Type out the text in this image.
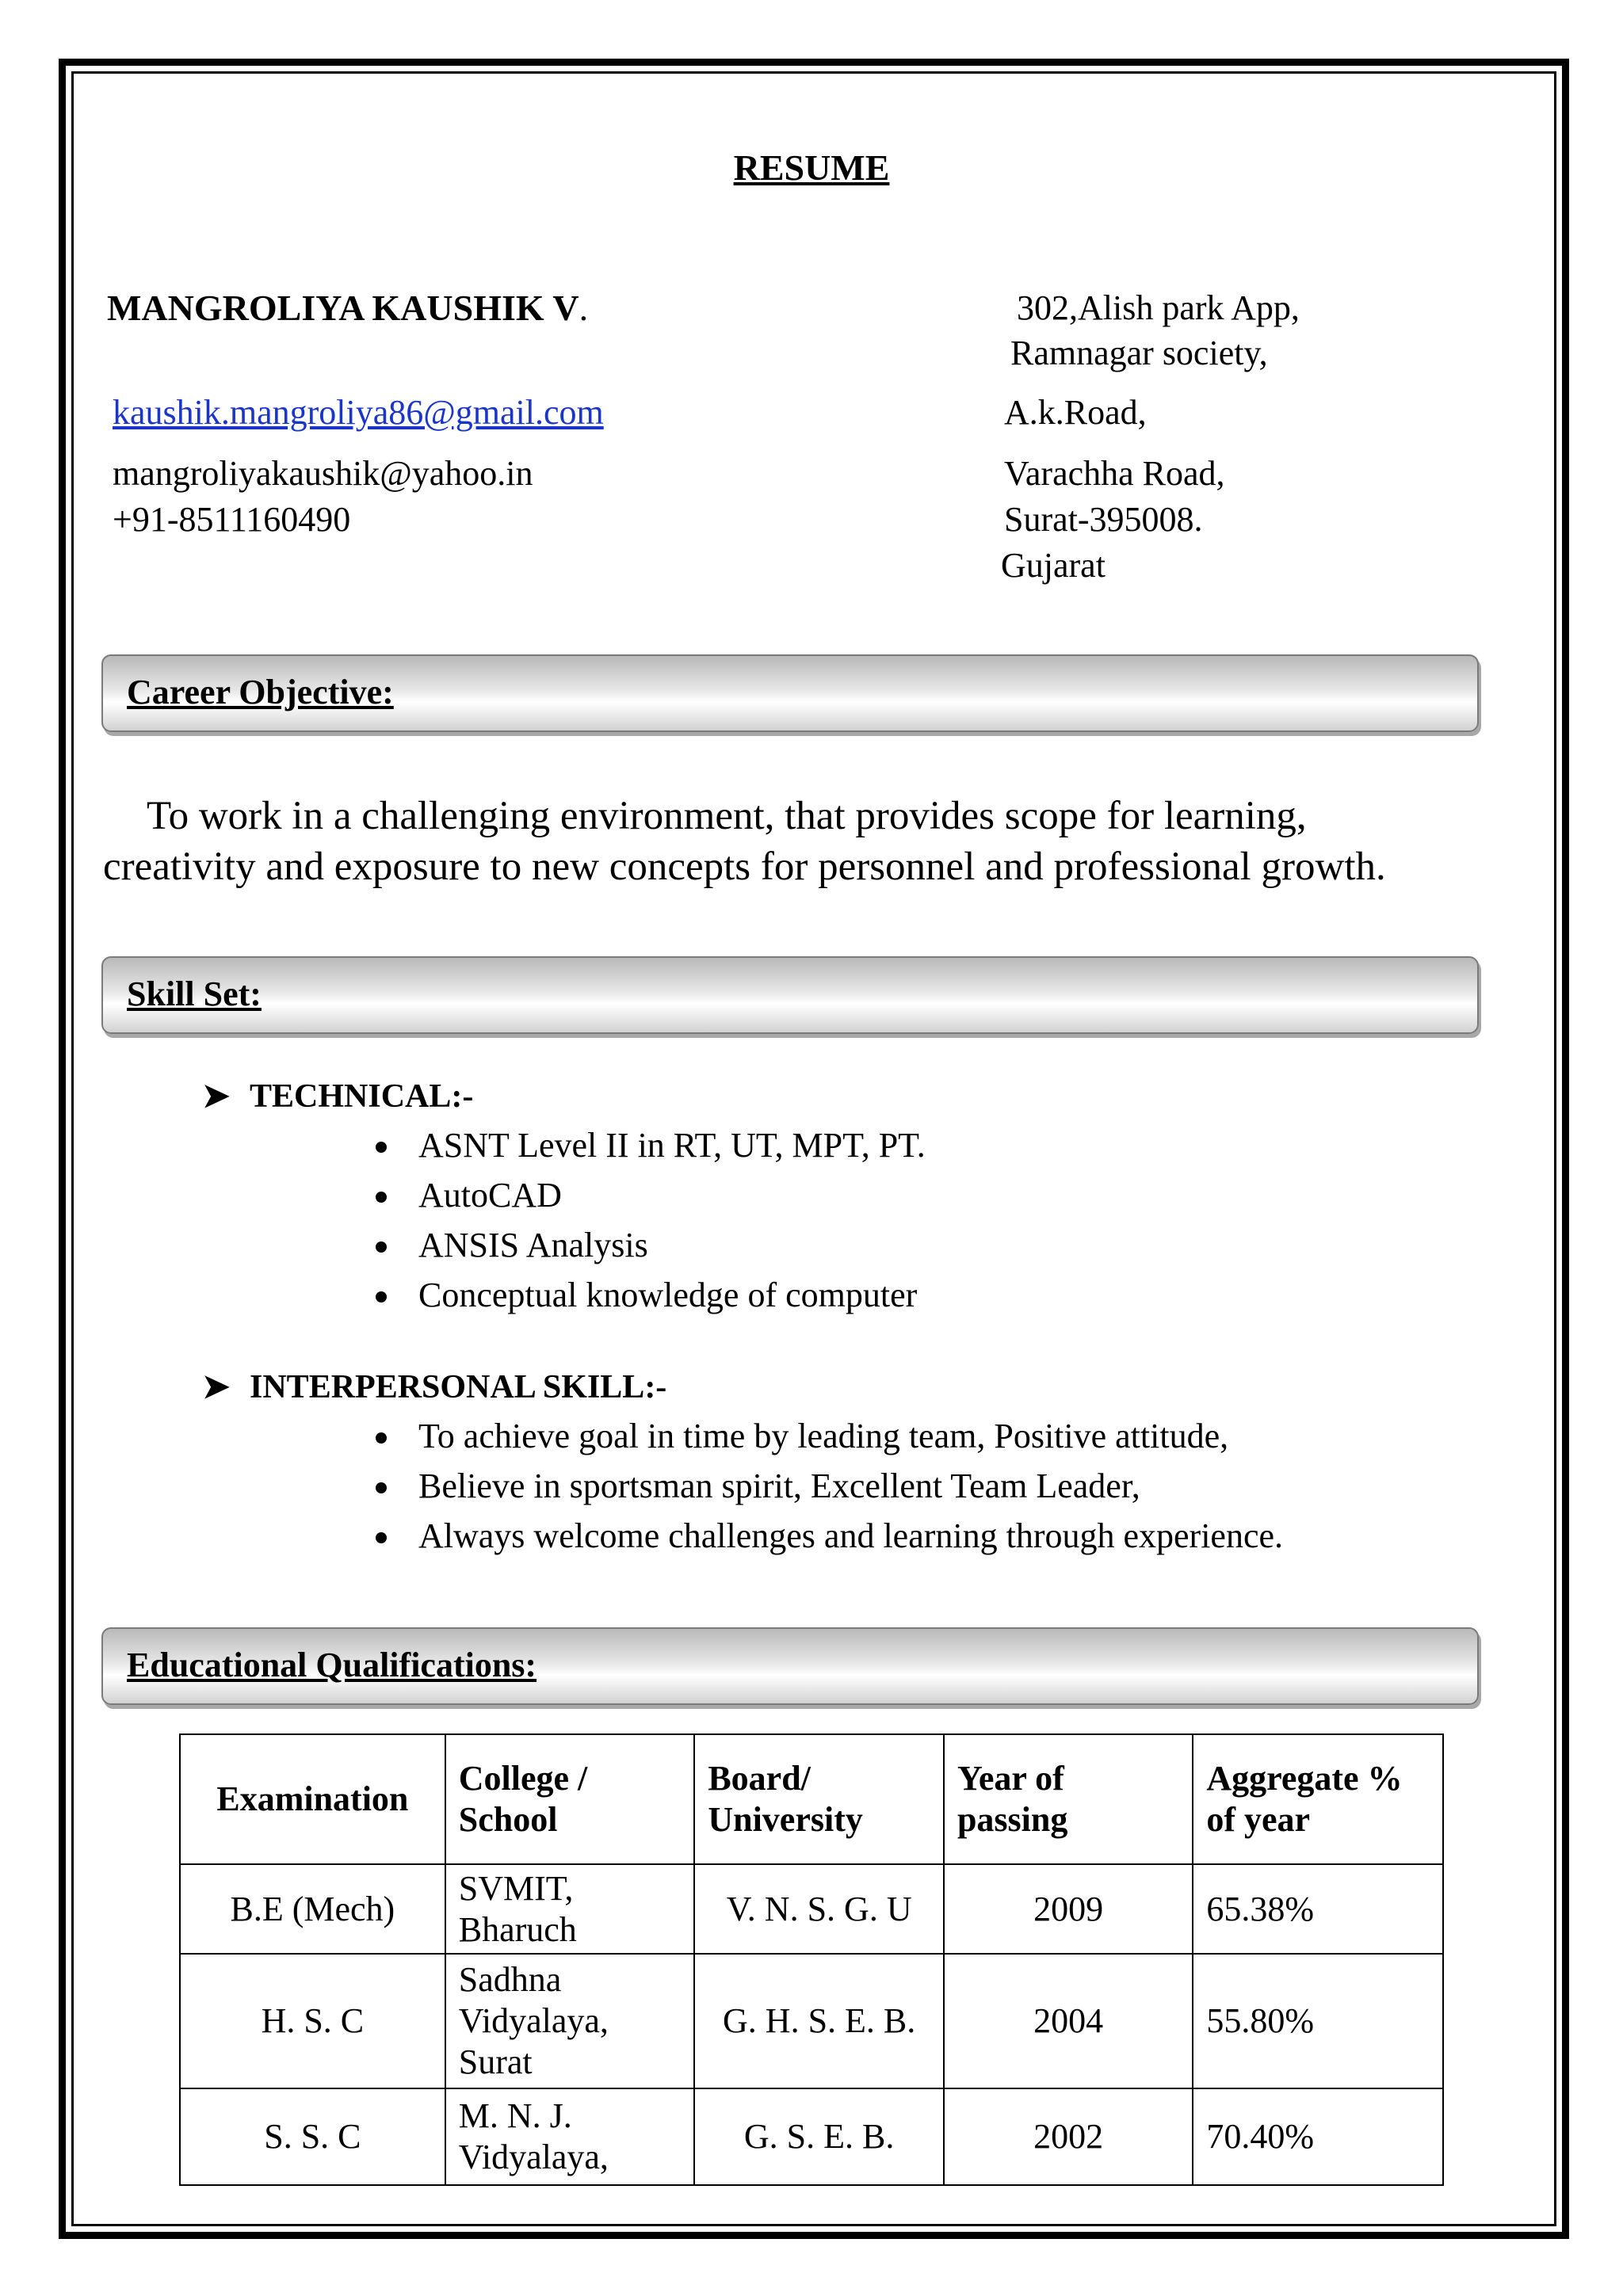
RESUME
MANGROLIYA KAUSHIK V.
kaushik.mangroliya86@gmail.com
mangroliyakaushik@yahoo.in
+91-8511160490
302,Alish park App,
Ramnagar society,
A.k.Road,
Varachha Road,
Surat-395008.
Gujarat
Career Objective:
To work in a challenging environment, that provides scope for learning,
creativity and exposure to new concepts for personnel and professional growth.
Skill Set:
➤ TECHNICAL:-
ASNT Level II in RT, UT, MPT, PT.
AutoCAD
ANSIS Analysis
Conceptual knowledge of computer
➤ INTERPERSONAL SKILL:-
To achieve goal in time by leading team, Positive attitude,
Believe in sportsman spirit, Excellent Team Leader,
Always welcome challenges and learning through experience.
Educational Qualifications:
Examination	College / School	Board/ University	Year of passing	Aggregate % of year
B.E (Mech)	SVMIT, Bharuch	V. N. S. G. U	2009	65.38%
H. S. C	Sadhna Vidyalaya, Surat	G. H. S. E. B.	2004	55.80%
S. S. C	M. N. J. Vidyalaya,	G. S. E. B.	2002	70.40%
